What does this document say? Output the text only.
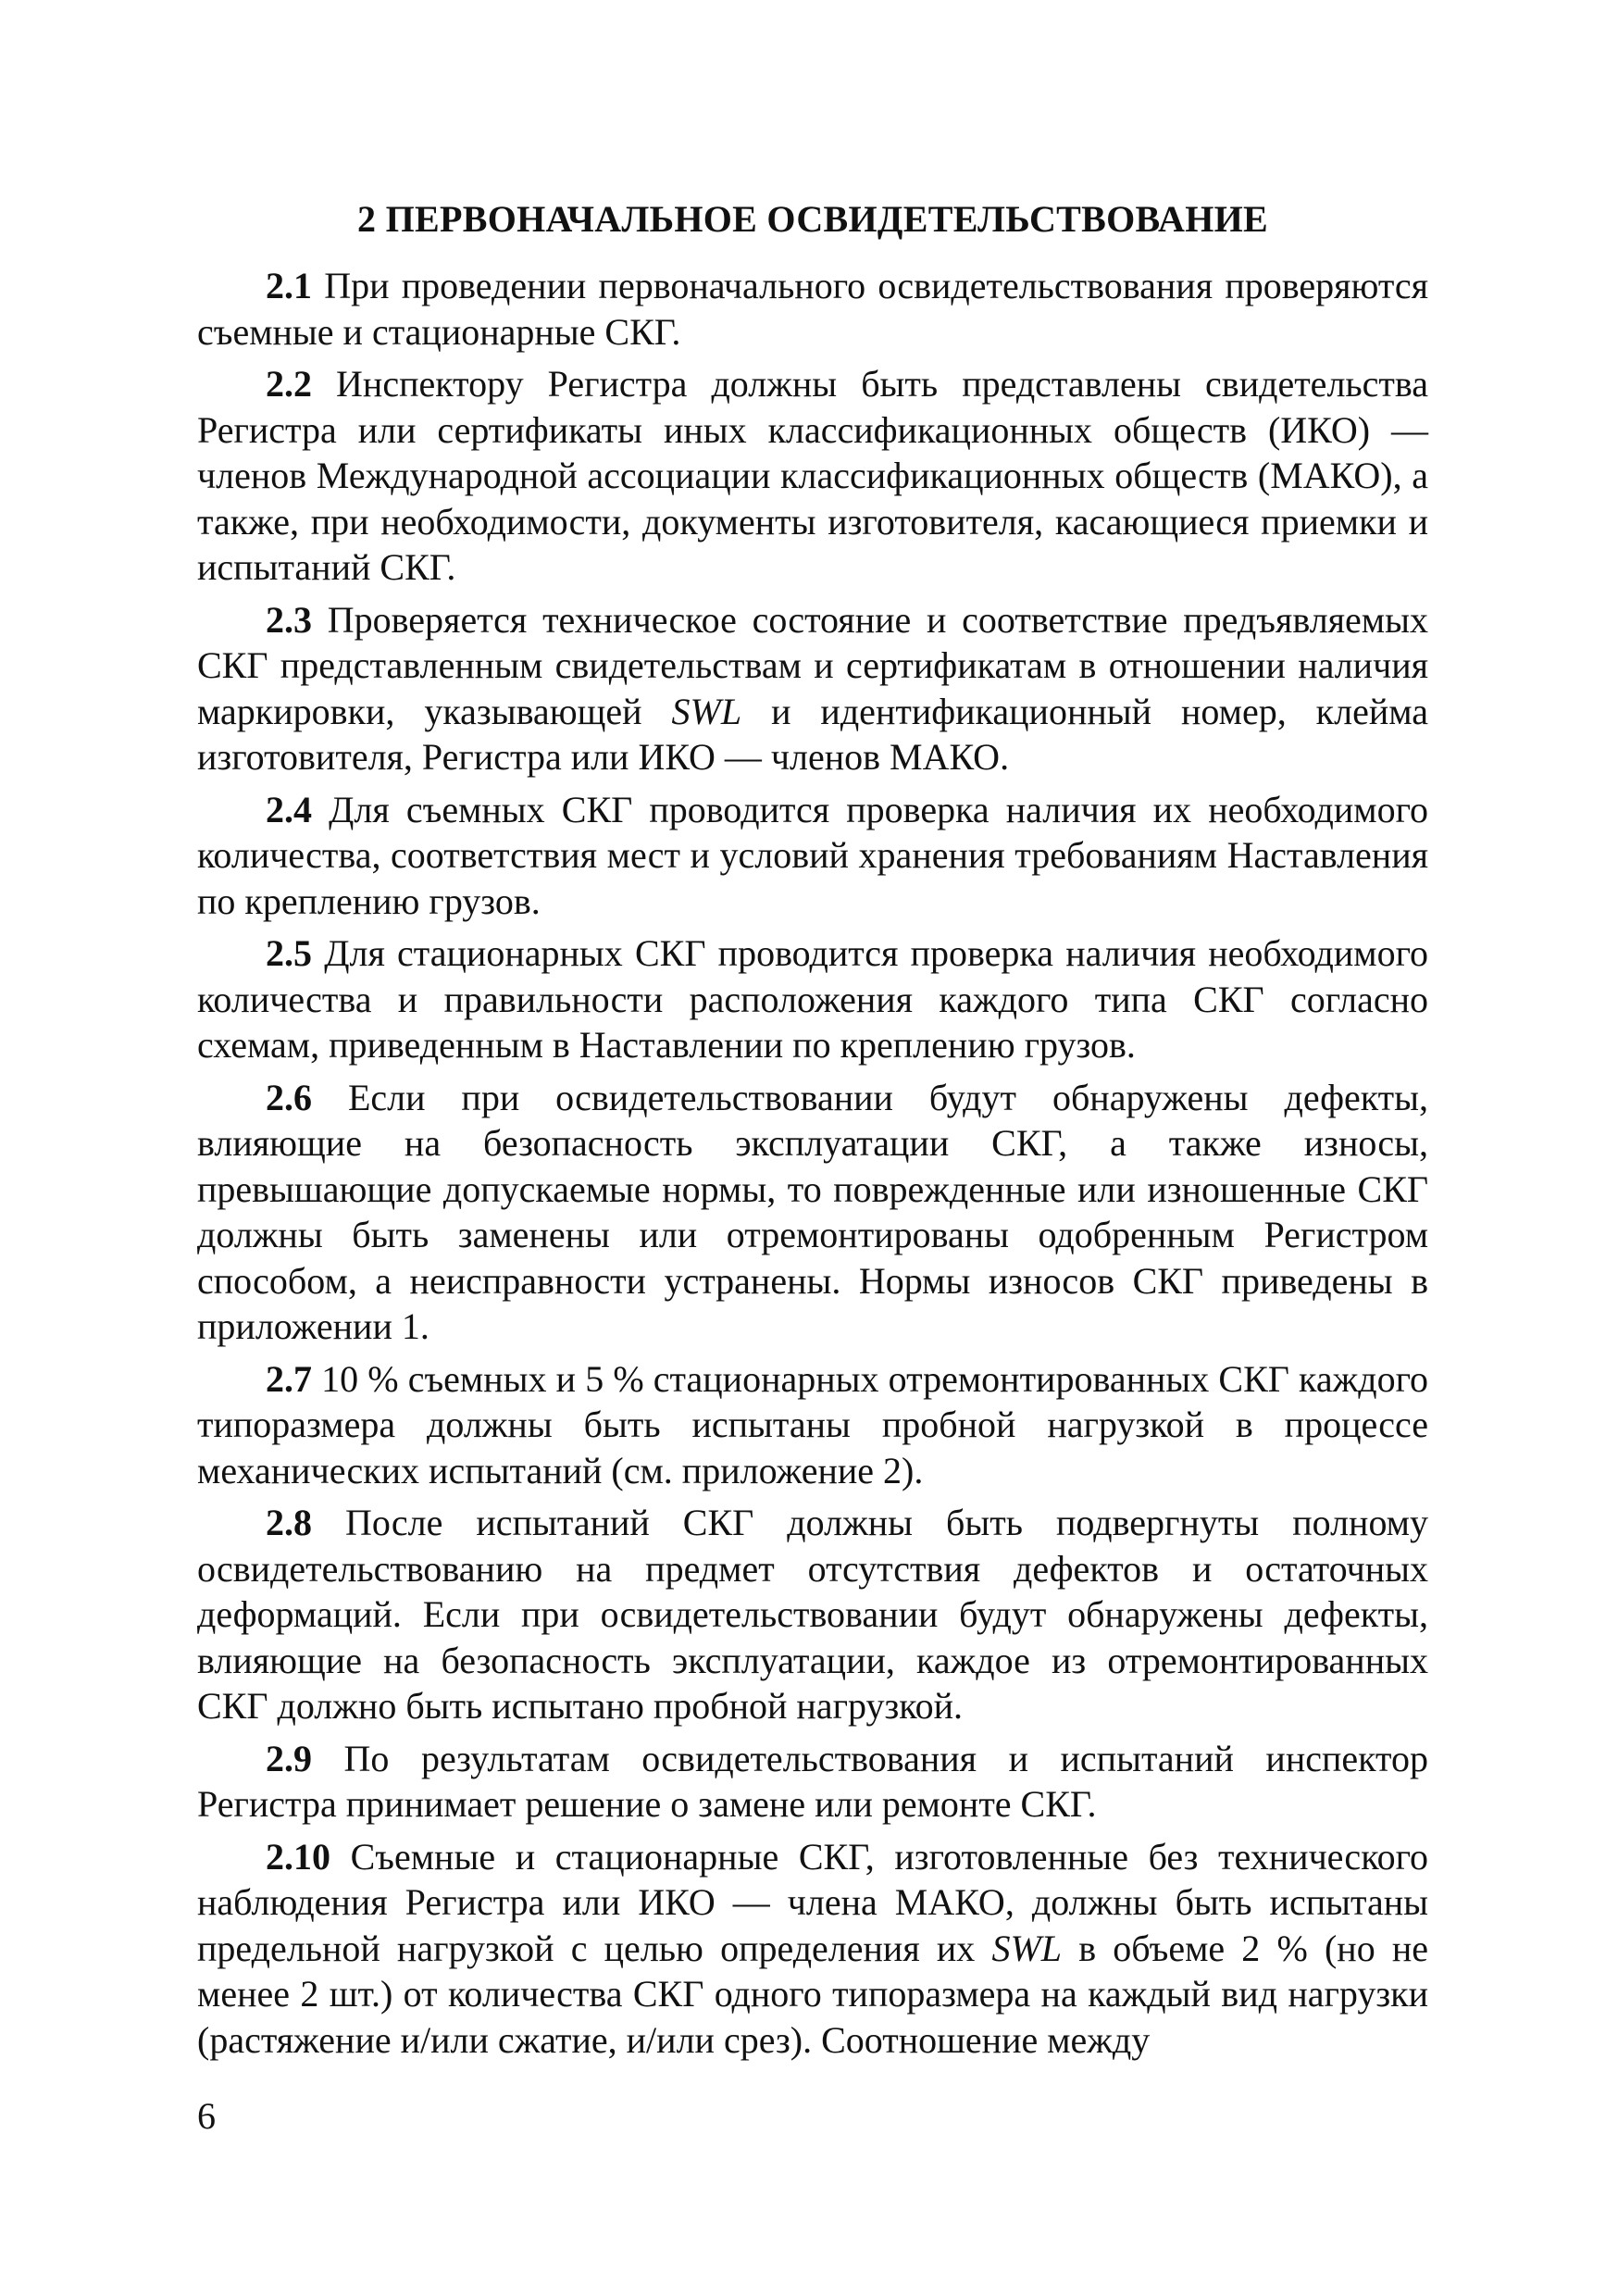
2 ПЕРВОНАЧАЛЬНОЕ ОСВИДЕТЕЛЬСТВОВАНИЕ

2.1 При проведении первоначального освидетельствования проверяются съемные и стационарные СКГ.

2.2 Инспектору Регистра должны быть представлены свидетельства Регистра или сертификаты иных классификационных обществ (ИКО) — членов Международной ассоциации классификационных обществ (МАКО), а также, при необходимости, документы изготовителя, касающиеся приемки и испытаний СКГ.

2.3 Проверяется техническое состояние и соответствие предъявляемых СКГ представленным свидетельствам и сертификатам в отношении наличия маркировки, указывающей SWL и идентификационный номер, клейма изготовителя, Регистра или ИКО — членов МАКО.

2.4 Для съемных СКГ проводится проверка наличия их необходимого количества, соответствия мест и условий хранения требованиям Наставления по креплению грузов.

2.5 Для стационарных СКГ проводится проверка наличия необходимого количества и правильности расположения каждого типа СКГ согласно схемам, приведенным в Наставлении по креплению грузов.

2.6 Если при освидетельствовании будут обнаружены дефекты, влияющие на безопасность эксплуатации СКГ, а также износы, превышающие допускаемые нормы, то поврежденные или изношенные СКГ должны быть заменены или отремонтированы одобренным Регистром способом, а неисправности устранены. Нормы износов СКГ приведены в приложении 1.

2.7 10 % съемных и 5 % стационарных отремонтированных СКГ каждого типоразмера должны быть испытаны пробной нагрузкой в процессе механических испытаний (см. приложение 2).

2.8 После испытаний СКГ должны быть подвергнуты полному освидетельствованию на предмет отсутствия дефектов и остаточных деформаций. Если при освидетельствовании будут обнаружены дефекты, влияющие на безопасность эксплуатации, каждое из отремонтированных СКГ должно быть испытано пробной нагрузкой.

2.9 По результатам освидетельствования и испытаний инспектор Регистра принимает решение о замене или ремонте СКГ.

2.10 Съемные и стационарные СКГ, изготовленные без технического наблюдения Регистра или ИКО — члена МАКО, должны быть испытаны предельной нагрузкой с целью определения их SWL в объеме 2 % (но не менее 2 шт.) от количества СКГ одного типоразмера на каждый вид нагрузки (растяжение и/или сжатие, и/или срез). Соотношение между

6
